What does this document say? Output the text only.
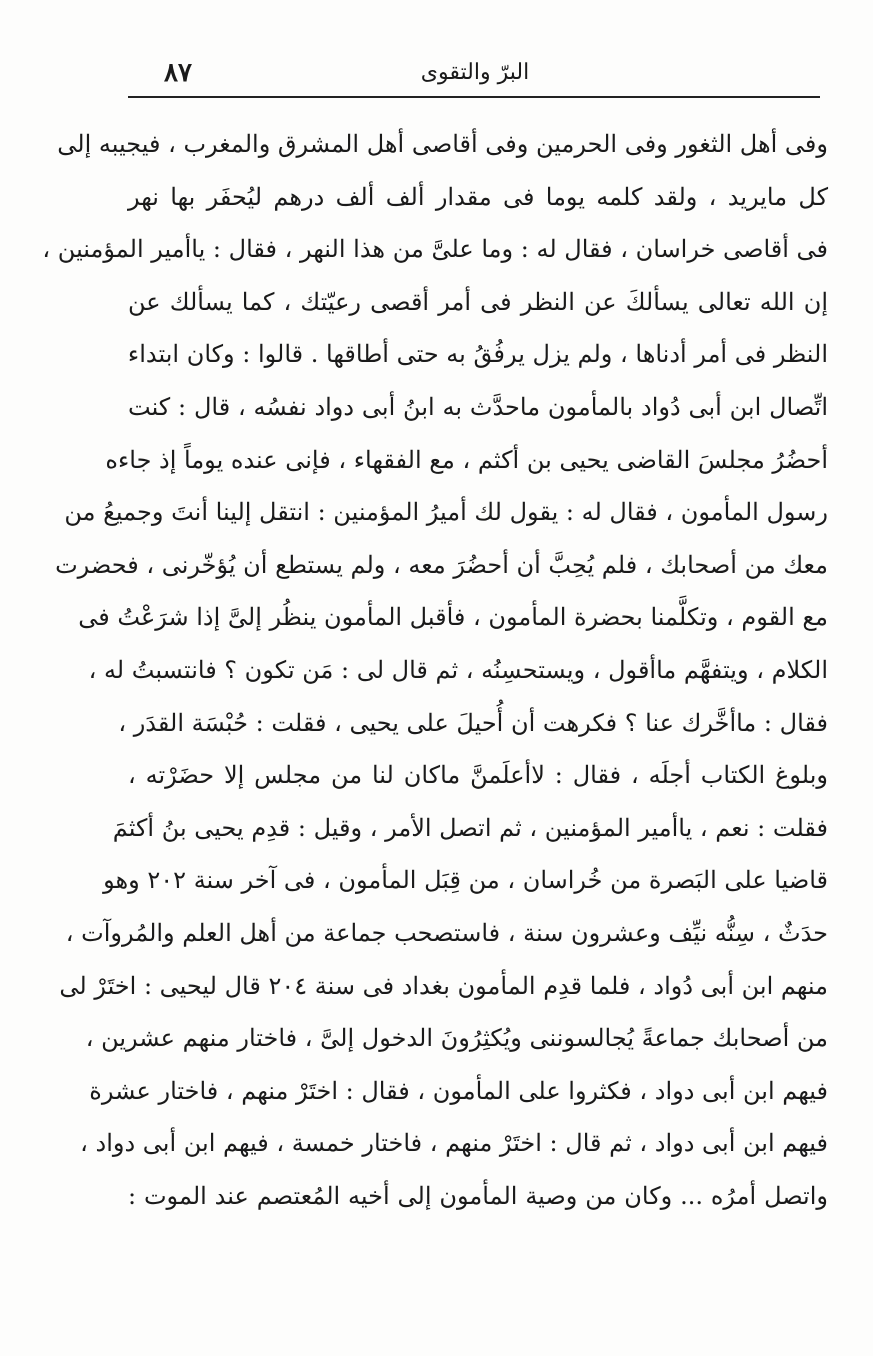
البرّ والتقوى
٨٧
وفى أهل الثغور وفى الحرمين وفى أقاصى أهل المشرق والمغرب ، فيجيبه إلى
كل مايريد ، ولقد كلمه يوما فى مقدار ألف ألف درهم ليُحفَر بها نهر
فى أقاصى خراسان ، فقال له : وما علىَّ من هذا النهر ، فقال : ياأمير المؤمنين ،
إن الله تعالى يسألكَ عن النظر فى أمر أقصى رعيّتك ، كما يسألك عن
النظر فى أمر أدناها ، ولم يزل يرفُقُ به حتى أطاقها . قالوا : وكان ابتداء
اتِّصال ابن أبى دُواد بالمأمون ماحدَّث به ابنُ أبى دواد نفسُه ، قال : كنت
أحضُرُ مجلسَ القاضى يحيى بن أكثم ، مع الفقهاء ، فإنى عنده يوماً إذ جاءه
رسول المأمون ، فقال له : يقول لك أميرُ المؤمنين : انتقل إلينا أنتَ وجميعُ من
معك من أصحابك ، فلم يُحِبَّ أن أحضُرَ معه ، ولم يستطع أن يُؤخّرنى ، فحضرت
مع القوم ، وتكلَّمنا بحضرة المأمون ، فأقبل المأمون ينظُر إلىَّ إذا شرَعْتُ فى
الكلام ، ويتفهَّم ماأقول ، ويستحسِنُه ، ثم قال لى : مَن تكون ؟ فانتسبتُ له ،
فقال : ماأخَّرك عنا ؟ فكرهت أن أُحيلَ على يحيى ، فقلت : حُبْسَة القدَر ،
وبلوغ الكتاب أجلَه ، فقال : لاأعلَمنَّ ماكان لنا من مجلس إلا حضَرْته ،
فقلت : نعم ، ياأمير المؤمنين ، ثم اتصل الأمر ، وقيل : قدِم يحيى بنُ أكثمَ
قاضيا على البَصرة من خُراسان ، من قِبَل المأمون ، فى آخر سنة ٢٠٢ وهو
حدَثٌ ، سِنُّه نيِّف وعشرون سنة ، فاستصحب جماعة من أهل العلم والمُروآت ،
منهم ابن أبى دُواد ، فلما قدِم المأمون بغداد فى سنة ٢٠٤ قال ليحيى : اختَرْ لى
من أصحابك جماعةً يُجالسوننى ويُكثِرُونَ الدخول إلىَّ ، فاختار منهم عشرين ،
فيهم ابن أبى دواد ، فكثروا على المأمون ، فقال : اختَرْ منهم ، فاختار عشرة
فيهم ابن أبى دواد ، ثم قال : اختَرْ منهم ، فاختار خمسة ، فيهم ابن أبى دواد ،
واتصل أمرُه ... وكان من وصية المأمون إلى أخيه المُعتصم عند الموت :
